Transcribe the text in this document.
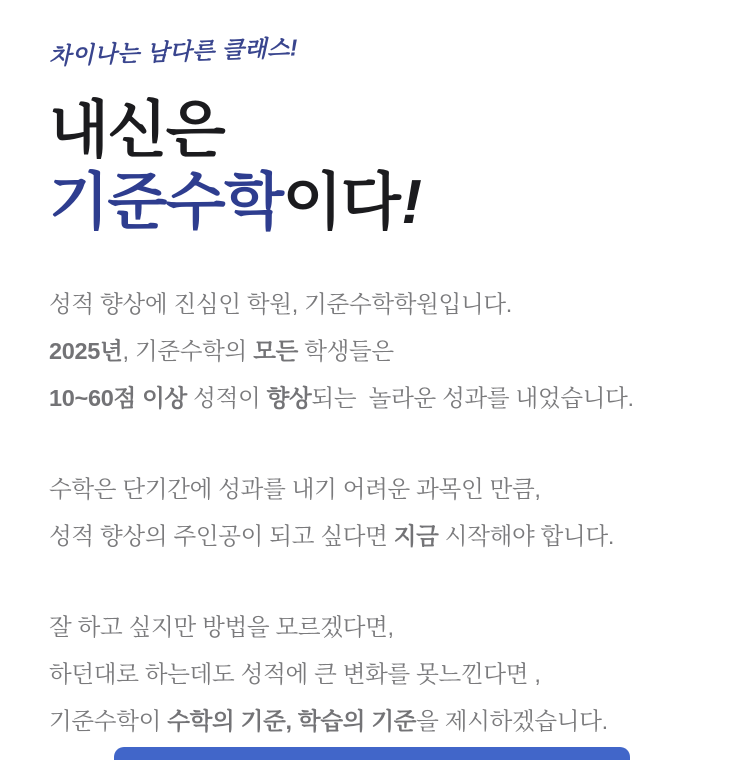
차이나는 남다른 클래스!
내신은
기준수학이다!

성적 향상에 진심인 학원, 기준수학학원입니다.
2025년, 기준수학의 모든 학생들은
10~60점 이상 성적이 향상되는  놀라운 성과를 내었습니다.

수학은 단기간에 성과를 내기 어려운 과목인 만큼,
성적 향상의 주인공이 되고 싶다면 지금 시작해야 합니다.

잘 하고 싶지만 방법을 모르겠다면,
하던대로 하는데도 성적에 큰 변화를 못느낀다면 ,
기준수학이 수학의 기준, 학습의 기준을 제시하겠습니다.
